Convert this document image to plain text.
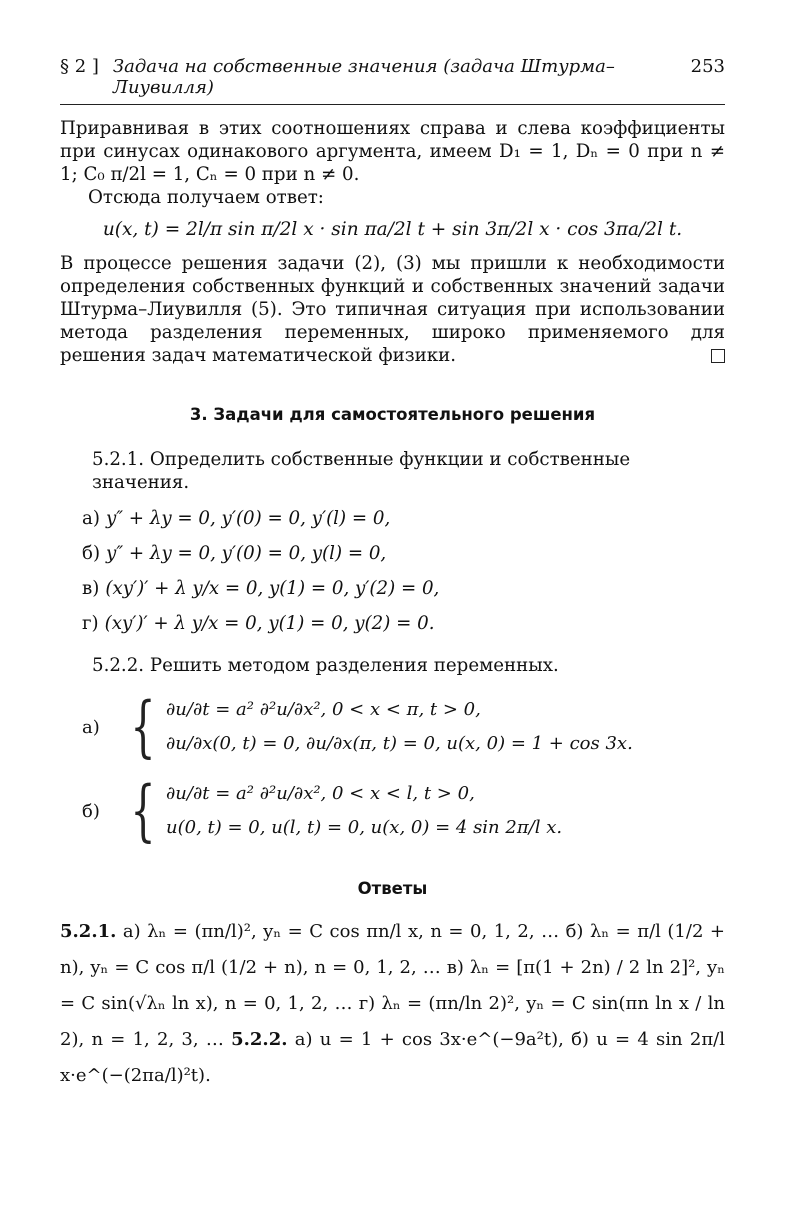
§ 2 ] Задача на собственные значения (задача Штурма–Лиувилля)
253

Приравнивая в этих соотношениях справа и слева коэффициенты при синусах одинакового аргумента, имеем D₁ = 1, Dₙ = 0 при n ≠ 1; C₀ π/2l = 1, Cₙ = 0 при n ≠ 0.

Отсюда получаем ответ:

u(x, t) = 2l/π sin π/2l x · sin πa/2l t + sin 3π/2l x · cos 3πa/2l t.

В процессе решения задачи (2), (3) мы пришли к необходимости определения собственных функций и собственных значений задачи Штурма–Лиувилля (5). Это типичная ситуация при использовании метода разделения переменных, широко применяемого для решения задач математической физики.

3. Задачи для самостоятельного решения
5.2.1. Определить собственные функции и собственные значения.
а) y″ + λy = 0, y′(0) = 0, y′(l) = 0,
б) y″ + λy = 0, y′(0) = 0, y(l) = 0,
в) (xy′)′ + λ y/x = 0, y(1) = 0, y′(2) = 0,
г) (xy′)′ + λ y/x = 0, y(1) = 0, y(2) = 0.
5.2.2. Решить методом разделения переменных.
а) { ∂u/∂t = a² ∂²u/∂x², 0 < x < π, t > 0,
∂u/∂x(0, t) = 0, ∂u/∂x(π, t) = 0, u(x, 0) = 1 + cos 3x.
б) { ∂u/∂t = a² ∂²u/∂x², 0 < x < l, t > 0,
u(0, t) = 0, u(l, t) = 0, u(x, 0) = 4 sin 2π/l x.
Ответы
5.2.1. а) λₙ = (πn/l)², yₙ = C cos πn/l x, n = 0, 1, 2, … б) λₙ = π/l (1/2 + n), yₙ = C cos π/l (1/2 + n), n = 0, 1, 2, … в) λₙ = [π(1 + 2n) / 2 ln 2]², yₙ = C sin(√λₙ ln x), n = 0, 1, 2, … г) λₙ = (πn/ln 2)², yₙ = C sin(πn ln x / ln 2), n = 1, 2, 3, … 5.2.2. а) u = 1 + cos 3x·e^(−9a²t), б) u = 4 sin 2π/l x·e^(−(2πa/l)²t).
